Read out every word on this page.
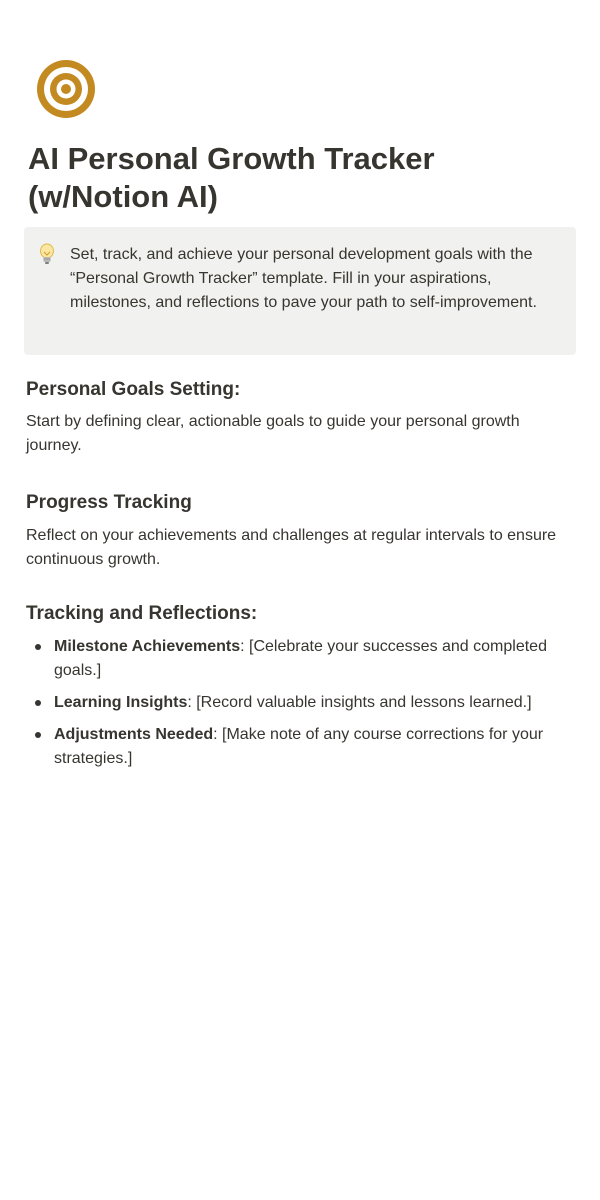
AI Personal Growth Tracker
(w/Notion AI)
Set, track, and achieve your personal development goals with the “Personal Growth Tracker” template. Fill in your aspirations, milestones, and reflections to pave your path to self-improvement.
Personal Goals Setting:

Start by defining clear, actionable goals to guide your personal growth journey.

Progress Tracking

Reflect on your achievements and challenges at regular intervals to ensure continuous growth.

Tracking and Reflections:
Milestone Achievements: [Celebrate your successes and completed goals.]
Learning Insights: [Record valuable insights and lessons learned.]
Adjustments Needed: [Make note of any course corrections for your strategies.]
